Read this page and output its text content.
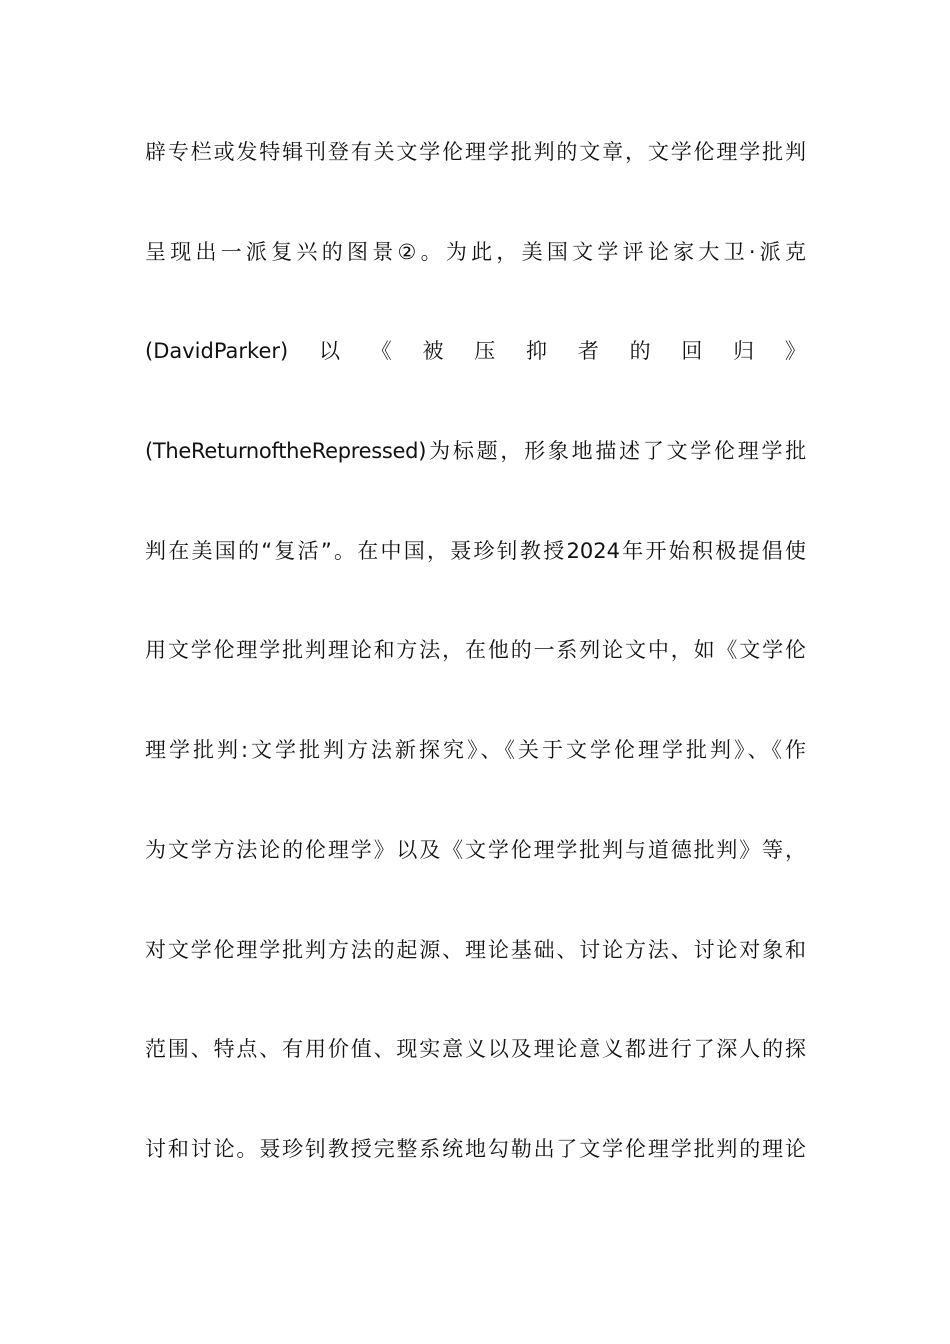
辟专栏或发特辑刊登有关文学伦理学批判的文章，文学伦理学批判
呈现出一派复兴的图景②。为此，美国文学评论家大卫·派克
(DavidParker) 以 《 被 压 抑 者 的 回 归 》
(TheReturnoftheRepressed)为标题，形象地描述了文学伦理学批
判在美国的“复活”。在中国，聂珍钊教授2024年开始积极提倡使
用文学伦理学批判理论和方法，在他的一系列论文中，如《文学伦
理学批判:文学批判方法新探究》、《关于文学伦理学批判》、《作
为文学方法论的伦理学》以及《文学伦理学批判与道德批判》等，
对文学伦理学批判方法的起源、理论基础、讨论方法、讨论对象和
范围、特点、有用价值、现实意义以及理论意义都进行了深人的探
讨和讨论。聂珍钊教授完整系统地勾勒出了文学伦理学批判的理论
